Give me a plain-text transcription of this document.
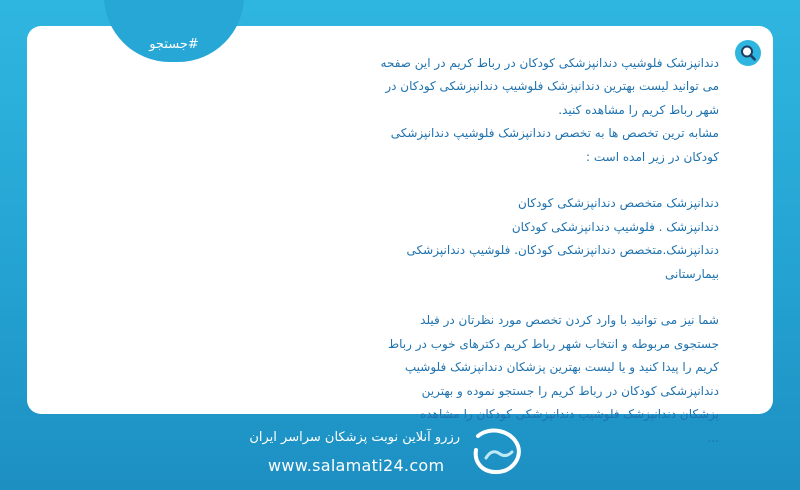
#جستجو
دندانپزشک فلوشیپ دندانپزشکی کودکان در رباط کریم در این صفحه
می توانید لیست بهترین دندانپزشک فلوشیپ دندانپزشکی کودکان در
شهر رباط کریم را مشاهده کنید.
مشابه ترین تخصص ها به تخصص دندانپزشک فلوشیپ دندانپزشکی
کودکان در زیر امده است :

دندانپزشک متخصص دندانپزشکی کودکان
دندانپزشک . فلوشیپ دندانپزشکی کودکان
دندانپزشک.متخصص دندانپزشکی کودکان. فلوشیپ دندانپزشکی
بیمارستانی

شما نیز می توانید با وارد کردن تخصص مورد نظرتان در فیلد
جستجوی مربوطه و انتخاب شهر رباط کریم دکترهای خوب در رباط
کریم را پیدا کنید و یا لیست بهترین پزشکان دندانپزشک فلوشیپ
دندانپزشکی کودکان در رباط کریم را جستجو نموده و بهترین
پزشکان دندانپزشک فلوشیپ دندانپزشکی کودکان را مشاهده
...
رزرو آنلاین نوبت پزشکان سراسر ایران
www.salamati24.com
